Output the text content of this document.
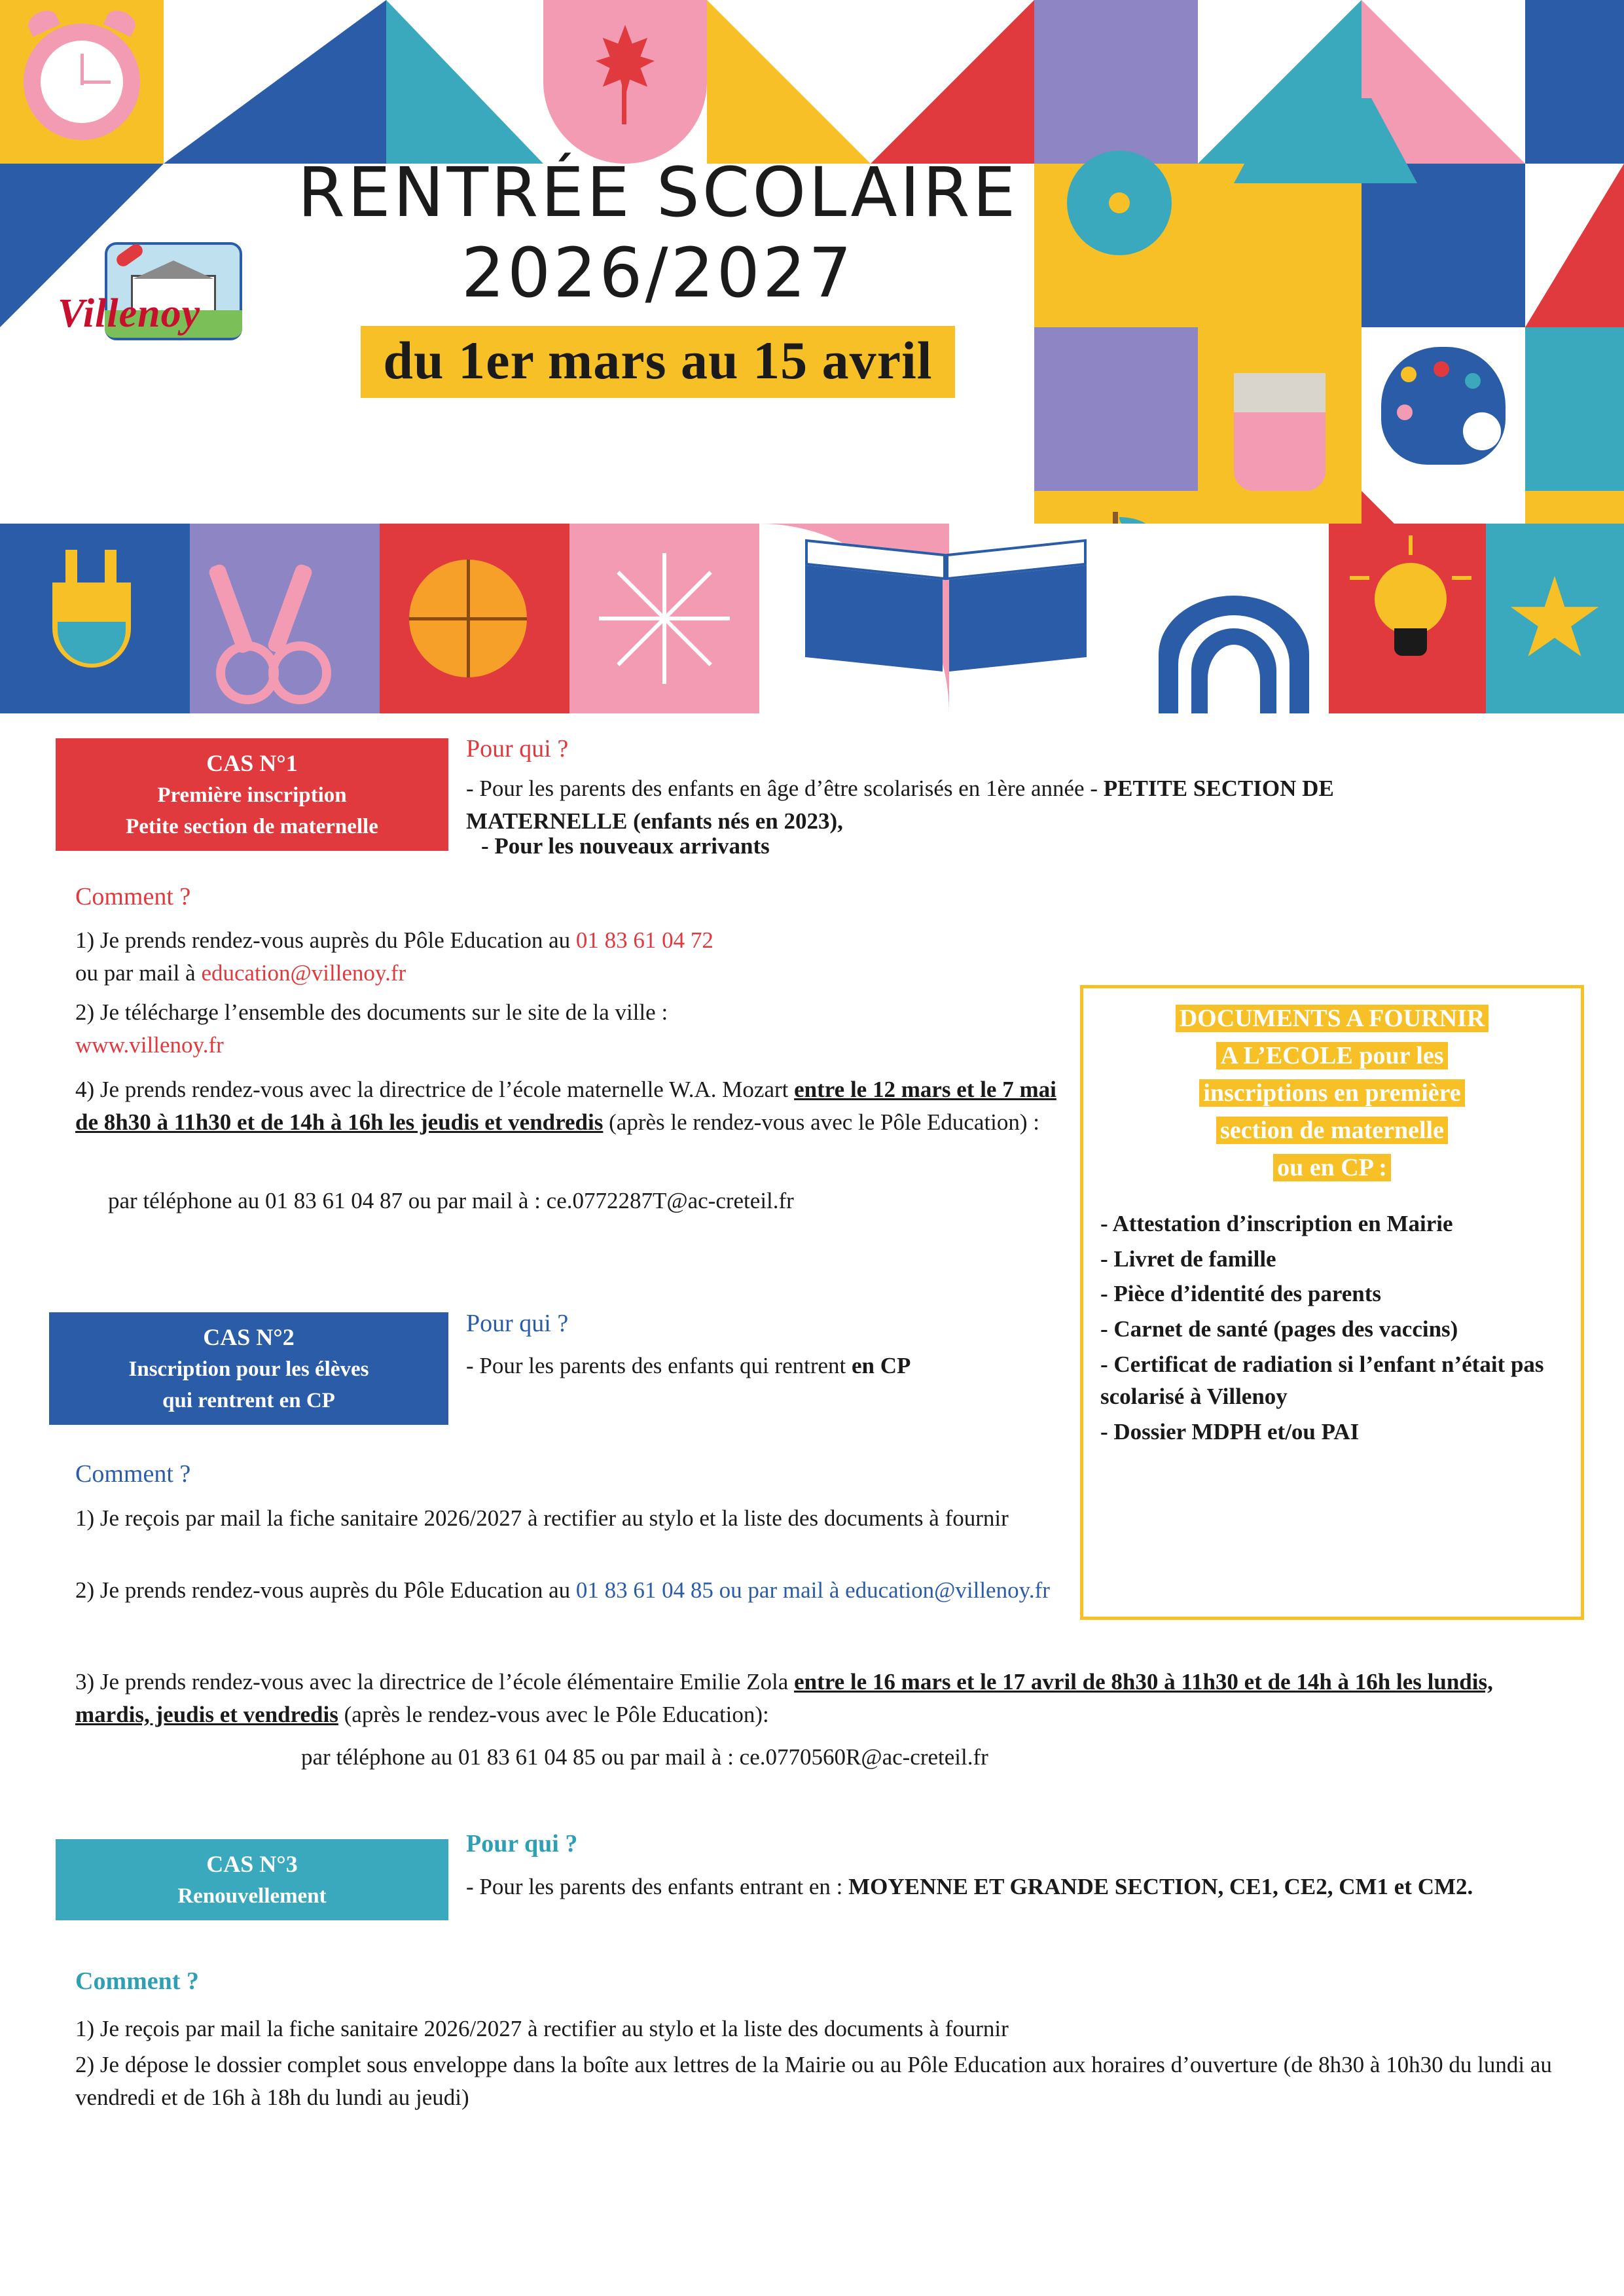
Villenoy
RENTRÉE SCOLAIRE
2026/2027
du 1er mars au 15 avril
CAS N°1
Première inscription
Petite section de maternelle
Pour qui ?
- Pour les parents des enfants en âge d’être scolarisés en 1ère année - PETITE SECTION DE MATERNELLE (enfants nés en 2023),
- Pour les nouveaux arrivants
Comment ?
1) Je prends rendez-vous auprès du Pôle Education au 01 83 61 04 72
ou par mail à education@villenoy.fr
2) Je télécharge l’ensemble des documents sur le site de la ville :
www.villenoy.fr
4) Je prends rendez-vous avec la directrice de l’école maternelle W.A. Mozart entre le 12 mars et le 7 mai de 8h30 à 11h30 et de 14h à 16h les jeudis et vendredis (après le rendez-vous avec le Pôle Education) :
par téléphone au 01 83 61 04 87 ou par mail à : ce.0772287T@ac-creteil.fr
DOCUMENTS A FOURNIR
A L’ECOLE pour les
inscriptions en première
section de maternelle
ou en CP :
- Attestation d’inscription en Mairie
- Livret de famille
- Pièce d’identité des parents
- Carnet de santé (pages des vaccins)
- Certificat de radiation si l’enfant n’était pas scolarisé à Villenoy
- Dossier MDPH et/ou PAI
CAS N°2
Inscription pour les élèves
qui rentrent en CP
Pour qui ?
- Pour les parents des enfants qui rentrent en CP
Comment ?
1) Je reçois par mail la fiche sanitaire 2026/2027 à rectifier au stylo et la liste des documents à fournir
2) Je prends rendez-vous auprès du Pôle Education au 01 83 61 04 85 ou par mail à education@villenoy.fr
3) Je prends rendez-vous avec la directrice de l’école élémentaire Emilie Zola entre le 16 mars et le 17 avril de 8h30 à 11h30 et de 14h à 16h les lundis, mardis, jeudis et vendredis (après le rendez-vous avec le Pôle Education):
par téléphone au 01 83 61 04 85 ou par mail à : ce.0770560R@ac-creteil.fr
CAS N°3
Renouvellement
Pour qui ?
- Pour les parents des enfants entrant en : MOYENNE ET GRANDE SECTION, CE1, CE2, CM1 et CM2.
Comment ?
1) Je reçois par mail la fiche sanitaire 2026/2027 à rectifier au stylo et la liste des documents à fournir
2) Je dépose le dossier complet sous enveloppe dans la boîte aux lettres de la Mairie ou au Pôle Education aux horaires d’ouverture (de 8h30 à 10h30 du lundi au vendredi et de 16h à 18h du lundi au jeudi)
